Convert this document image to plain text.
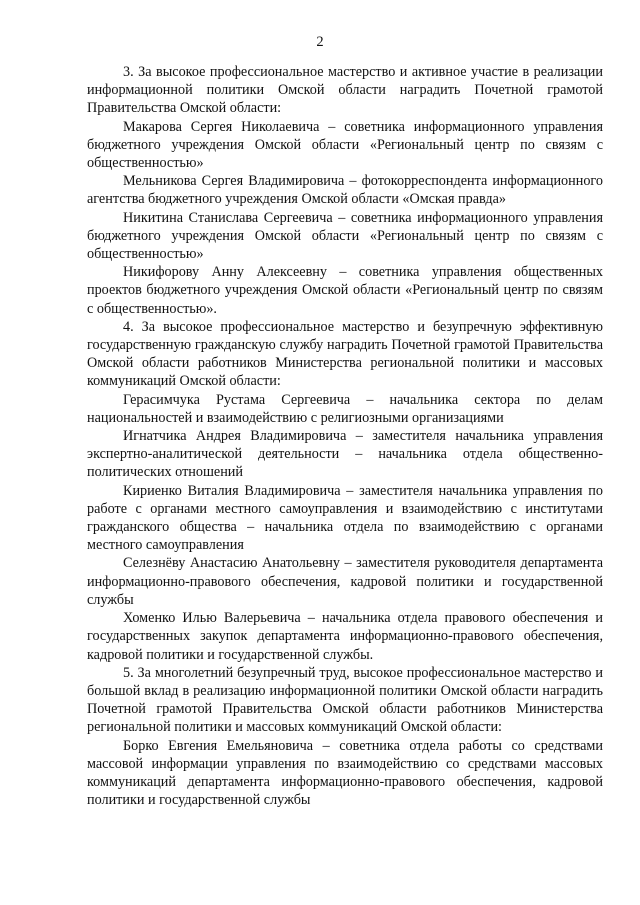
2

3. За высокое профессиональное мастерство и активное участие в реализации информационной политики Омской области наградить Почетной грамотой Правительства Омской области:

Макарова Сергея Николаевича – советника информационного управления бюджетного учреждения Омской области «Региональный центр по связям с общественностью»

Мельникова Сергея Владимировича – фотокорреспондента информационного агентства бюджетного учреждения Омской области «Омская правда»

Никитина Станислава Сергеевича – советника информационного управления бюджетного учреждения Омской области «Региональный центр по связям с общественностью»

Никифорову Анну Алексеевну – советника управления общественных проектов бюджетного учреждения Омской области «Региональный центр по связям с общественностью».

4. За высокое профессиональное мастерство и безупречную эффективную государственную гражданскую службу наградить Почетной грамотой Правительства Омской области работников Министерства региональной политики и массовых коммуникаций Омской области:

Герасимчука Рустама Сергеевича – начальника сектора по делам национальностей и взаимодействию с религиозными организациями

Игнатчика Андрея Владимировича – заместителя начальника управления экспертно-аналитической деятельности – начальника отдела общественно-политических отношений

Кириенко Виталия Владимировича – заместителя начальника управления по работе с органами местного самоуправления и взаимодействию с институтами гражданского общества – начальника отдела по взаимодействию с органами местного самоуправления

Селезнёву Анастасию Анатольевну – заместителя руководителя департамента информационно-правового обеспечения, кадровой политики и государственной службы

Хоменко Илью Валерьевича – начальника отдела правового обеспечения и государственных закупок департамента информационно-правового обеспечения, кадровой политики и государственной службы.

5. За многолетний безупречный труд, высокое профессиональное мастерство и большой вклад в реализацию информационной политики Омской области наградить Почетной грамотой Правительства Омской области работников Министерства региональной политики и массовых коммуникаций Омской области:

Борко Евгения Емельяновича – советника отдела работы со средствами массовой информации управления по взаимодействию со средствами массовых коммуникаций департамента информационно-правового обеспечения, кадровой политики и государственной службы
